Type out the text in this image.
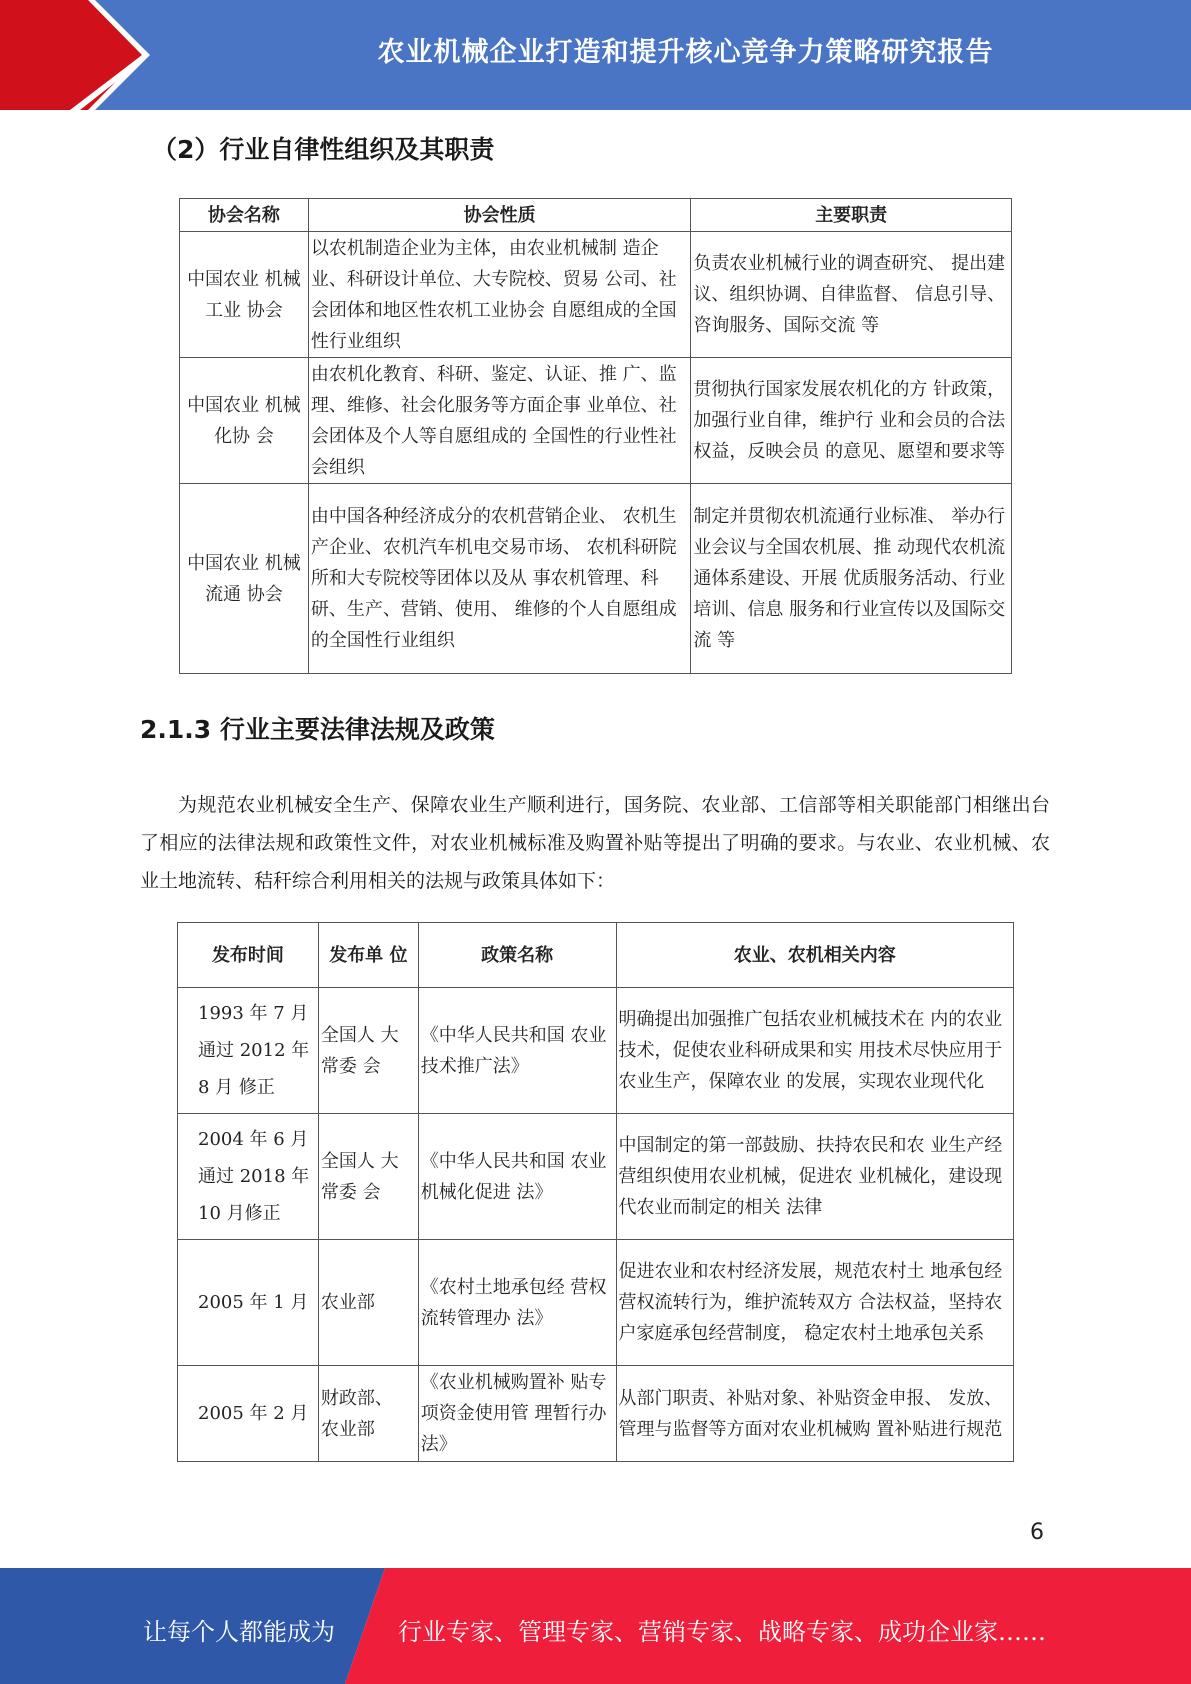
农业机械企业打造和提升核心竞争力策略研究报告
（2）行业自律性组织及其职责
协会名称	协会性质	主要职责
中国农业 机械工业 协会	以农机制造企业为主体，由农业机械制 造企业、科研设计单位、大专院校、贸易 公司、社会团体和地区性农机工业协会 自愿组成的全国性行业组织	负责农业机械行业的调查研究、 提出建议、组织协调、自律监督、 信息引导、咨询服务、国际交流 等
中国农业 机械化协 会	由农机化教育、科研、鉴定、认证、推 广、监理、维修、社会化服务等方面企事 业单位、社会团体及个人等自愿组成的 全国性的行业性社会组织	贯彻执行国家发展农机化的方 针政策，加强行业自律，维护行 业和会员的合法权益，反映会员 的意见、愿望和要求等
中国农业 机械流通 协会	由中国各种经济成分的农机营销企业、 农机生产企业、农机汽车机电交易市场、 农机科研院所和大专院校等团体以及从 事农机管理、科研、生产、营销、使用、 维修的个人自愿组成的全国性行业组织	制定并贯彻农机流通行业标准、 举办行业会议与全国农机展、推 动现代农机流通体系建设、开展 优质服务活动、行业培训、信息 服务和行业宣传以及国际交流 等
2.1.3 行业主要法律法规及政策

为规范农业机械安全生产、保障农业生产顺利进行，国务院、农业部、工信部等相关职能部门相继出台了相应的法律法规和政策性文件，对农业机械标准及购置补贴等提出了明确的要求。与农业、农业机械、农业土地流转、秸秆综合利用相关的法规与政策具体如下：

发布时间	发布单 位	政策名称	农业、农机相关内容

1993 年 7 月 通过 2012 年 8 月 修正	全国人 大常委 会	《中华人民共和国 农业技术推广法》	明确提出加强推广包括农业机械技术在 内的农业技术，促使农业科研成果和实 用技术尽快应用于农业生产，保障农业 的发展，实现农业现代化

2004 年 6 月 通过 2018 年 10 月修正	全国人 大常委 会	《中华人民共和国 农业机械化促进 法》	中国制定的第一部鼓励、扶持农民和农 业生产经营组织使用农业机械，促进农 业机械化，建设现代农业而制定的相关 法律
2005 年 1 月	农业部	《农村土地承包经 营权流转管理办 法》	促进农业和农村经济发展，规范农村土 地承包经营权流转行为，维护流转双方 合法权益，坚持农户家庭承包经营制度， 稳定农村土地承包关系
2005 年 2 月	财政部、 农业部	《农业机械购置补 贴专项资金使用管 理暂行办法》	从部门职责、补贴对象、补贴资金申报、 发放、管理与监督等方面对农业机械购 置补贴进行规范
6
让每个人都能成为	行业专家、管理专家、营销专家、战略专家、成功企业家……
